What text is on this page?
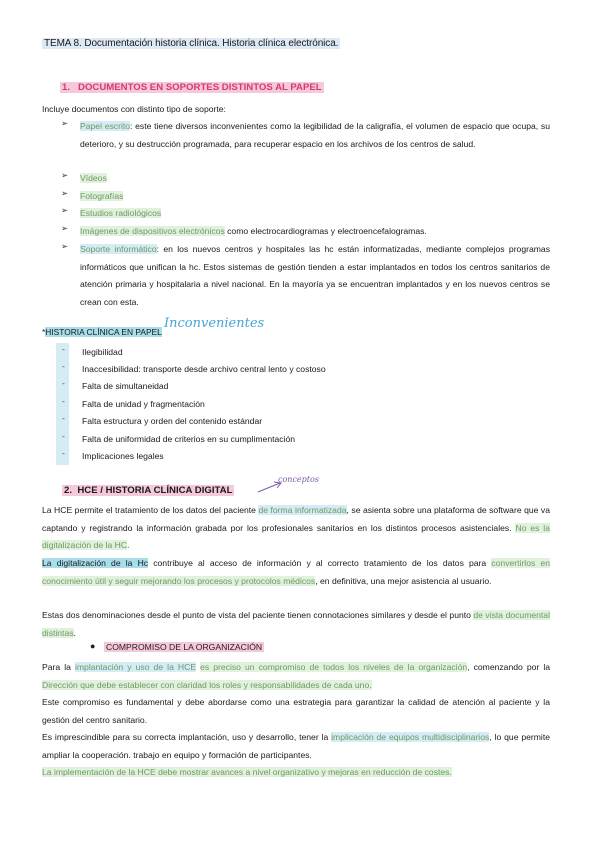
TEMA 8. Documentación historia clínica. Historia clínica electrónica.
1. DOCUMENTOS EN SOPORTES DISTINTOS AL PAPEL
Incluye documentos con distinto tipo de soporte:
➢ Papel escrito: este tiene diversos inconvenientes como la legibilidad de la caligrafía, el volumen de espacio que ocupa, su deterioro, y su destrucción programada, para recuperar espacio en los archivos de los centros de salud.
➢ Vídeos
➢ Fotografías
➢ Estudios radiológicos
➢ Imágenes de dispositivos electrónicos como electrocardiogramas y electroencefalogramas.
➢ Soporte informático: en los nuevos centros y hospitales las hc están informatizadas, mediante complejos programas informáticos que unifican la hc. Estos sistemas de gestión tienden a estar implantados en todos los centros sanitarios de atención primaria y hospitalaria a nivel nacional. En la mayoría ya se encuentran implantados y en los nuevos centros se crean con esta.
*HISTORIA CLÍNICA EN PAPEL
Inconvenientes
- Ilegibilidad
- Inaccesibilidad: transporte desde archivo central lento y costoso
- Falta de simultaneidad
- Falta de unidad y fragmentación
- Falta estructura y orden del contenido estándar
- Falta de uniformidad de criterios en su cumplimentación
- Implicaciones legales
2. HCE / HISTORIA CLÍNICA DIGITAL
conceptos
La HCE permite el tratamiento de los datos del paciente de forma informatizada, se asienta sobre una plataforma de software que va captando y registrando la información grabada por los profesionales sanitarios en los distintos procesos asistenciales. No es la digitalización de la HC.
La digitalización de la Hc contribuye al acceso de información y al correcto tratamiento de los datos para convertirlos en conocimiento útil y seguir mejorando los procesos y protocolos médicos, en definitiva, una mejor asistencia al usuario.
Estas dos denominaciones desde el punto de vista del paciente tienen connotaciones similares y desde el punto de vista documental distintas.
● COMPROMISO DE LA ORGANIZACIÓN
Para la implantación y uso de la HCE es preciso un compromiso de todos los niveles de la organización, comenzando por la Dirección que debe establecer con claridad los roles y responsabilidades de cada uno.
Este compromiso es fundamental y debe abordarse como una estrategia para garantizar la calidad de atención al paciente y la gestión del centro sanitario.
Es imprescindible para su correcta implantación, uso y desarrollo, tener la implicación de equipos multidisciplinarios, lo que permite ampliar la cooperación. trabajo en equipo y formación de participantes.
La implementación de la HCE debe mostrar avances a nivel organizativo y mejoras en reducción de costes.
